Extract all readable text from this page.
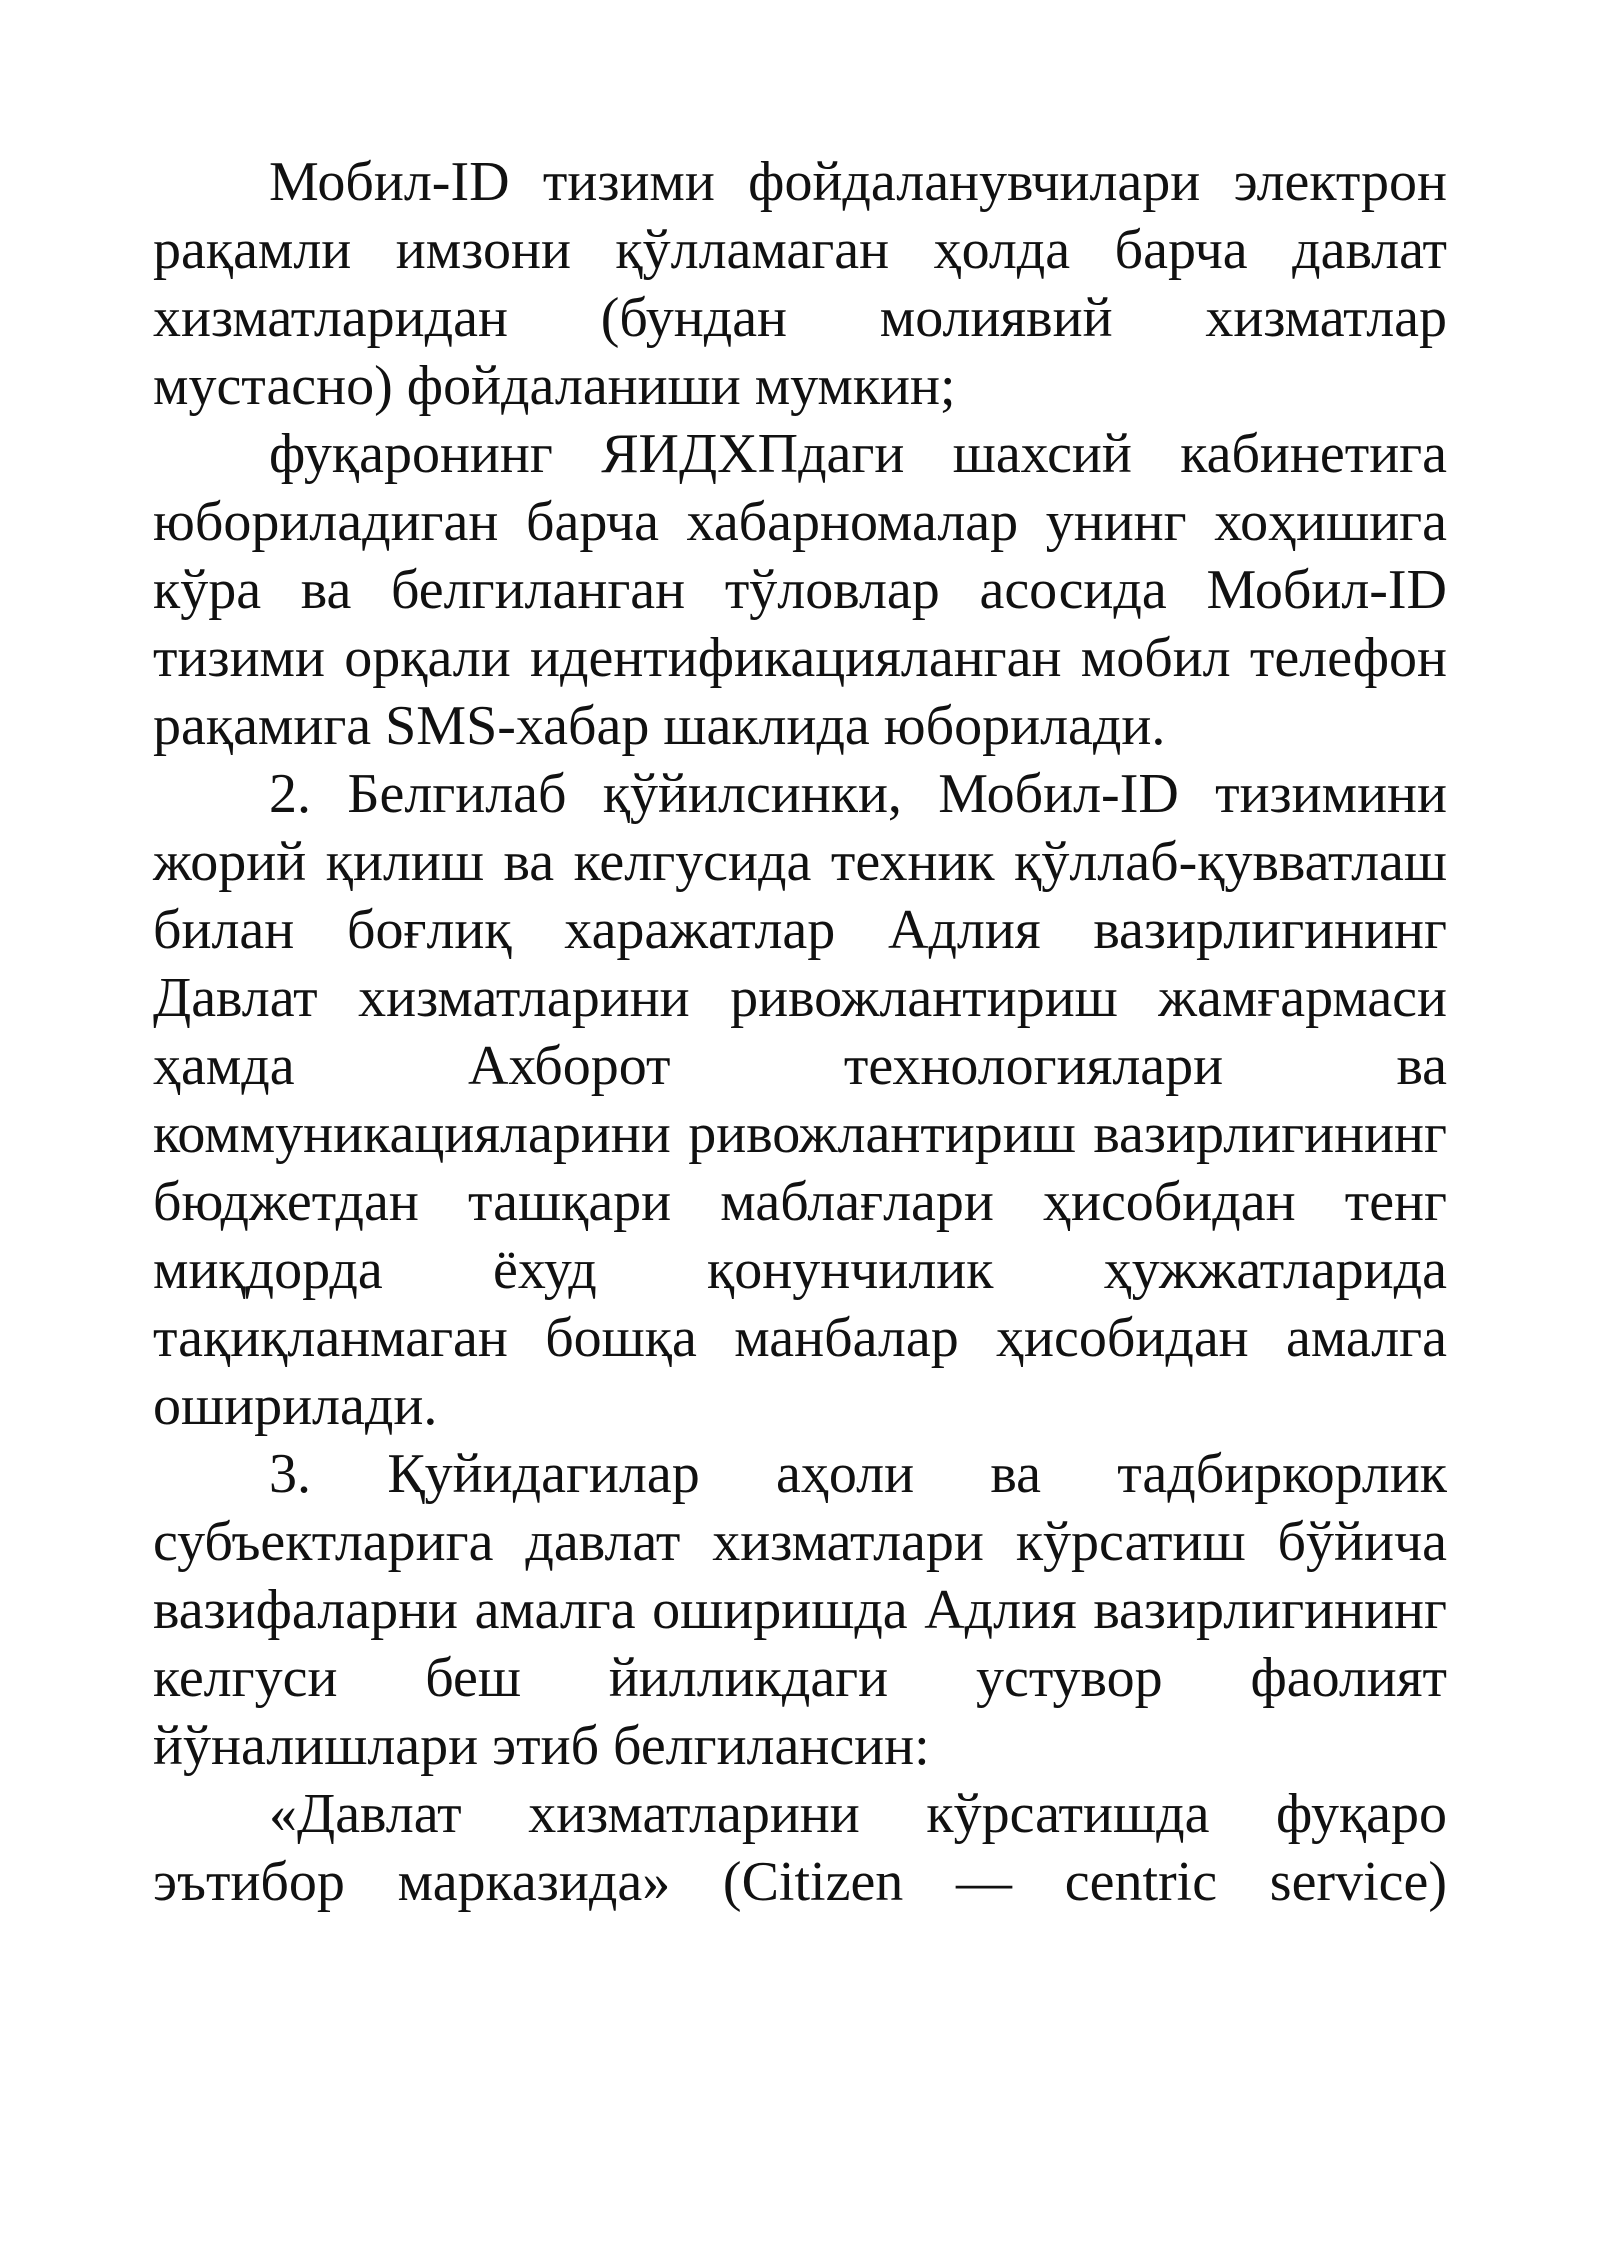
Мобил-ID тизими фойдаланувчилари электрон рақамли имзони қўлламаган ҳолда барча давлат хизматларидан (бундан молиявий хизматлар мустасно) фойдаланиши мумкин;

фуқаронинг ЯИДХПдаги шахсий кабинетига юбориладиган барча хабарномалар унинг хоҳишига кўра ва белгиланган тўловлар асосида Мобил-ID тизими орқали идентификацияланган мобил телефон рақамига SMS-хабар шаклида юборилади.

2. Белгилаб қўйилсинки, Мобил-ID тизимини жорий қилиш ва келгусида техник қўллаб-қувватлаш билан боғлиқ харажатлар Адлия вазирлигининг Давлат хизматларини ривожлантириш жамғармаси ҳамда Ахборот технологиялари ва коммуникацияларини ривожлантириш вазирлигининг бюджетдан ташқари маблағлари ҳисобидан тенг миқдорда ёхуд қонунчилик ҳужжатларида тақиқланмаган бошқа манбалар ҳисобидан амалга оширилади.

3. Қуйидагилар аҳоли ва тадбиркорлик субъектларига давлат хизматлари кўрсатиш бўйича вазифаларни амалга оширишда Адлия вазирлигининг келгуси беш йилликдаги устувор фаолият йўналишлари этиб белгилансин:

«Давлат хизматларини кўрсатишда фуқаро эътибор марказида» (Citizen — centric service)
